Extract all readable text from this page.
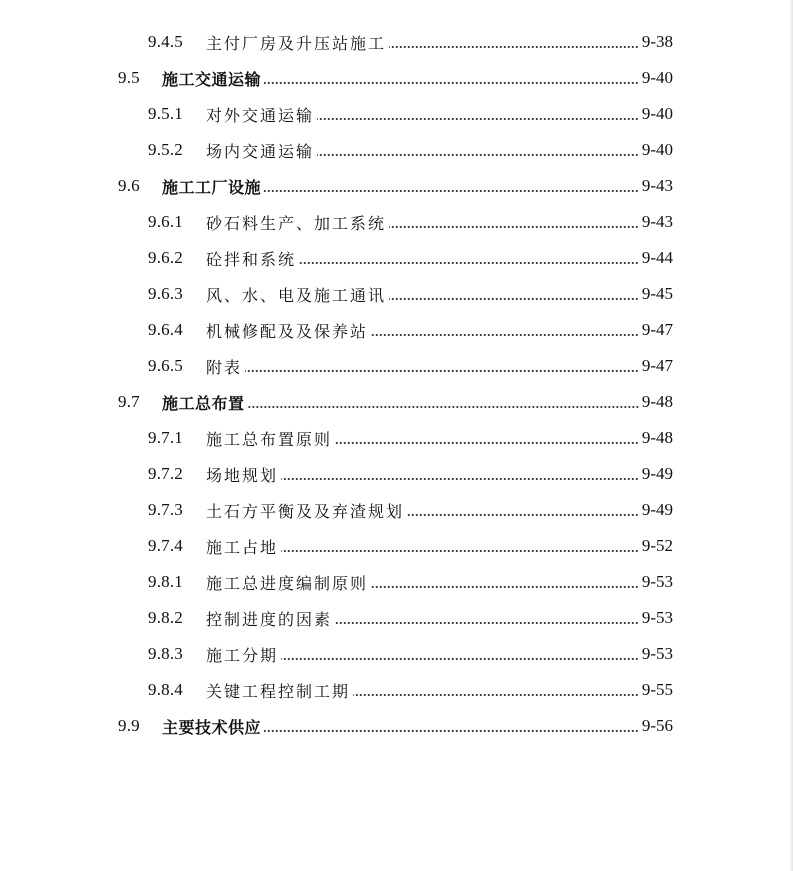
9.4.5	主付厂房及升压站施工	9-38
9.5	施工交通运输	9-40
9.5.1	对外交通运输	9-40
9.5.2	场内交通运输	9-40
9.6	施工工厂设施	9-43
9.6.1	砂石料生产、加工系统	9-43
9.6.2	砼拌和系统	9-44
9.6.3	风、水、电及施工通讯	9-45
9.6.4	机械修配及及保养站	9-47
9.6.5	附表	9-47
9.7	施工总布置	9-48
9.7.1	施工总布置原则	9-48
9.7.2	场地规划	9-49
9.7.3	土石方平衡及及弃渣规划	9-49
9.7.4	施工占地	9-52
9.8.1	施工总进度编制原则	9-53
9.8.2	控制进度的因素	9-53
9.8.3	施工分期	9-53
9.8.4	关键工程控制工期	9-55
9.9	主要技术供应	9-56
